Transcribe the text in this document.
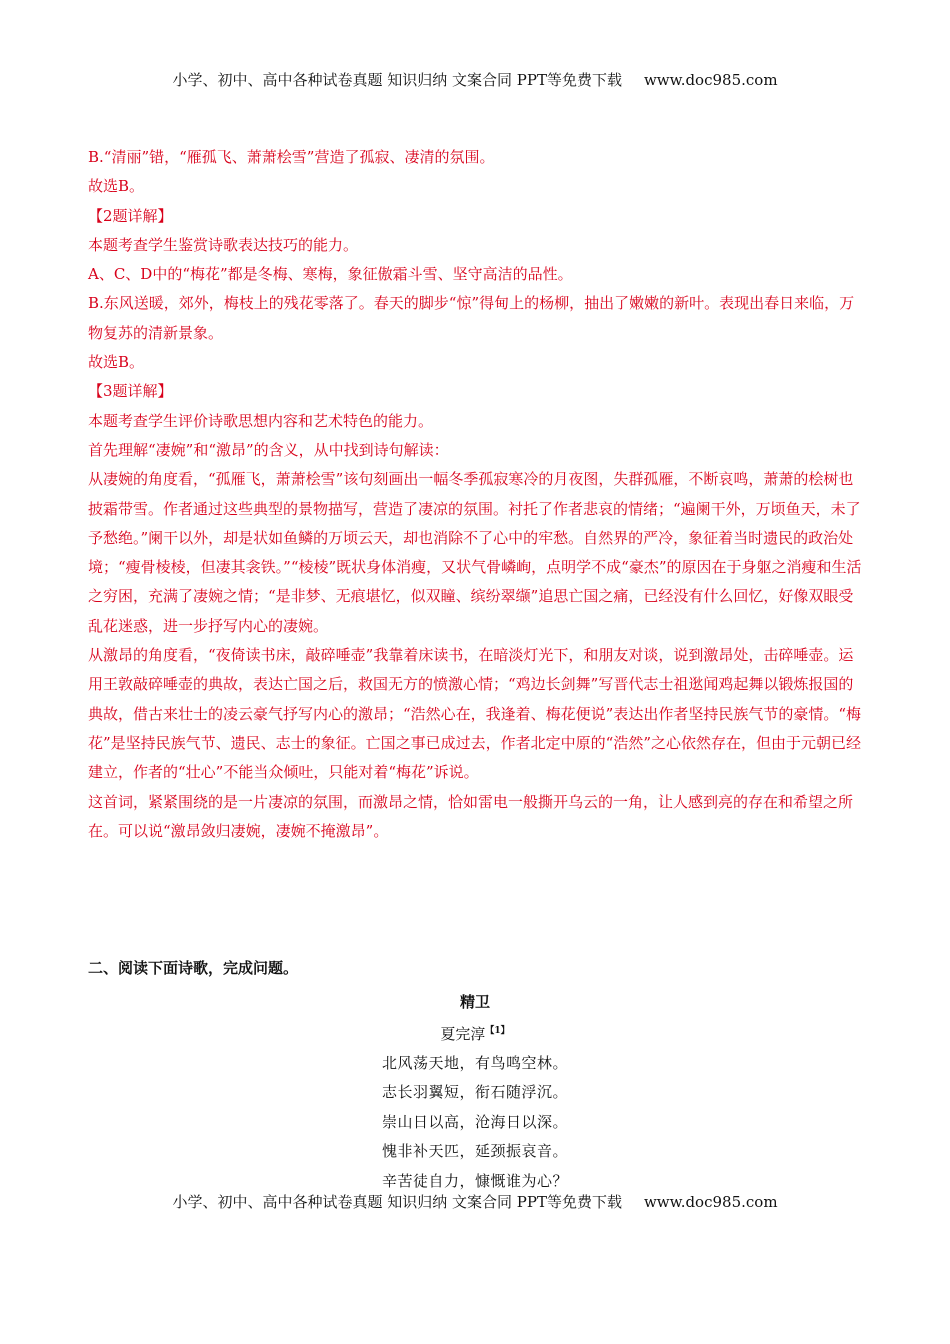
小学、初中、高中各种试卷真题 知识归纳 文案合同 PPT等免费下载 www.doc985.com

B.“清丽”错，“雁孤飞、萧萧桧雪”营造了孤寂、凄清的氛围。

故选B。

【2题详解】

本题考查学生鉴赏诗歌表达技巧的能力。

A、C、D中的“梅花”都是冬梅、寒梅，象征傲霜斗雪、坚守高洁的品性。

B.东风送暖，郊外，梅枝上的残花零落了。春天的脚步“惊”得甸上的杨柳，抽出了嫩嫩的新叶。表现出春日来临，万物复苏的清新景象。

故选B。

【3题详解】

本题考查学生评价诗歌思想内容和艺术特色的能力。

首先理解“凄婉”和“激昂”的含义，从中找到诗句解读：

从凄婉的角度看，“孤雁飞，萧萧桧雪”该句刻画出一幅冬季孤寂寒冷的月夜图，失群孤雁，不断哀鸣，萧萧的桧树也披霜带雪。作者通过这些典型的景物描写，营造了凄凉的氛围。衬托了作者悲哀的情绪；“遍阑干外，万顷鱼天，未了予愁绝。”阑干以外，却是状如鱼鳞的万顷云天，却也消除不了心中的牢愁。自然界的严冷，象征着当时遗民的政治处境；“瘦骨棱棱，但凄其衾铁。”“棱棱”既状身体消瘦，又状气骨嶙峋，点明学不成“豪杰”的原因在于身躯之消瘦和生活之穷困，充满了凄婉之情；“是非梦、无痕堪忆，似双瞳、缤纷翠缬”追思亡国之痛，已经没有什么回忆，好像双眼受乱花迷惑，进一步抒写内心的凄婉。

从激昂的角度看，“夜倚读书床，敲碎唾壶”我靠着床读书，在暗淡灯光下，和朋友对谈，说到激昂处，击碎唾壶。运用王敦敲碎唾壶的典故，表达亡国之后，救国无方的愤激心情；“鸡边长剑舞”写晋代志士祖逖闻鸡起舞以锻炼报国的典故，借古来壮士的凌云豪气抒写内心的激昂；“浩然心在，我逢着、梅花便说”表达出作者坚持民族气节的豪情。“梅花”是坚持民族气节、遗民、志士的象征。亡国之事已成过去，作者北定中原的“浩然”之心依然存在，但由于元朝已经建立，作者的“壮心”不能当众倾吐，只能对着“梅花”诉说。

这首词，紧紧围绕的是一片凄凉的氛围，而激昂之情，恰如雷电一般撕开乌云的一角，让人感到亮的存在和希望之所在。可以说“激昂敛归凄婉，凄婉不掩激昂”。

二、阅读下面诗歌，完成问题。
精卫
夏完淳$^{【1】}$
北风荡天地，有鸟鸣空林。
志长羽翼短，衔石随浮沉。
崇山日以高，沧海日以深。
愧非补天匹，延颈振哀音。
辛苦徒自力，慷慨谁为心？
小学、初中、高中各种试卷真题 知识归纳 文案合同 PPT等免费下载 www.doc985.com
